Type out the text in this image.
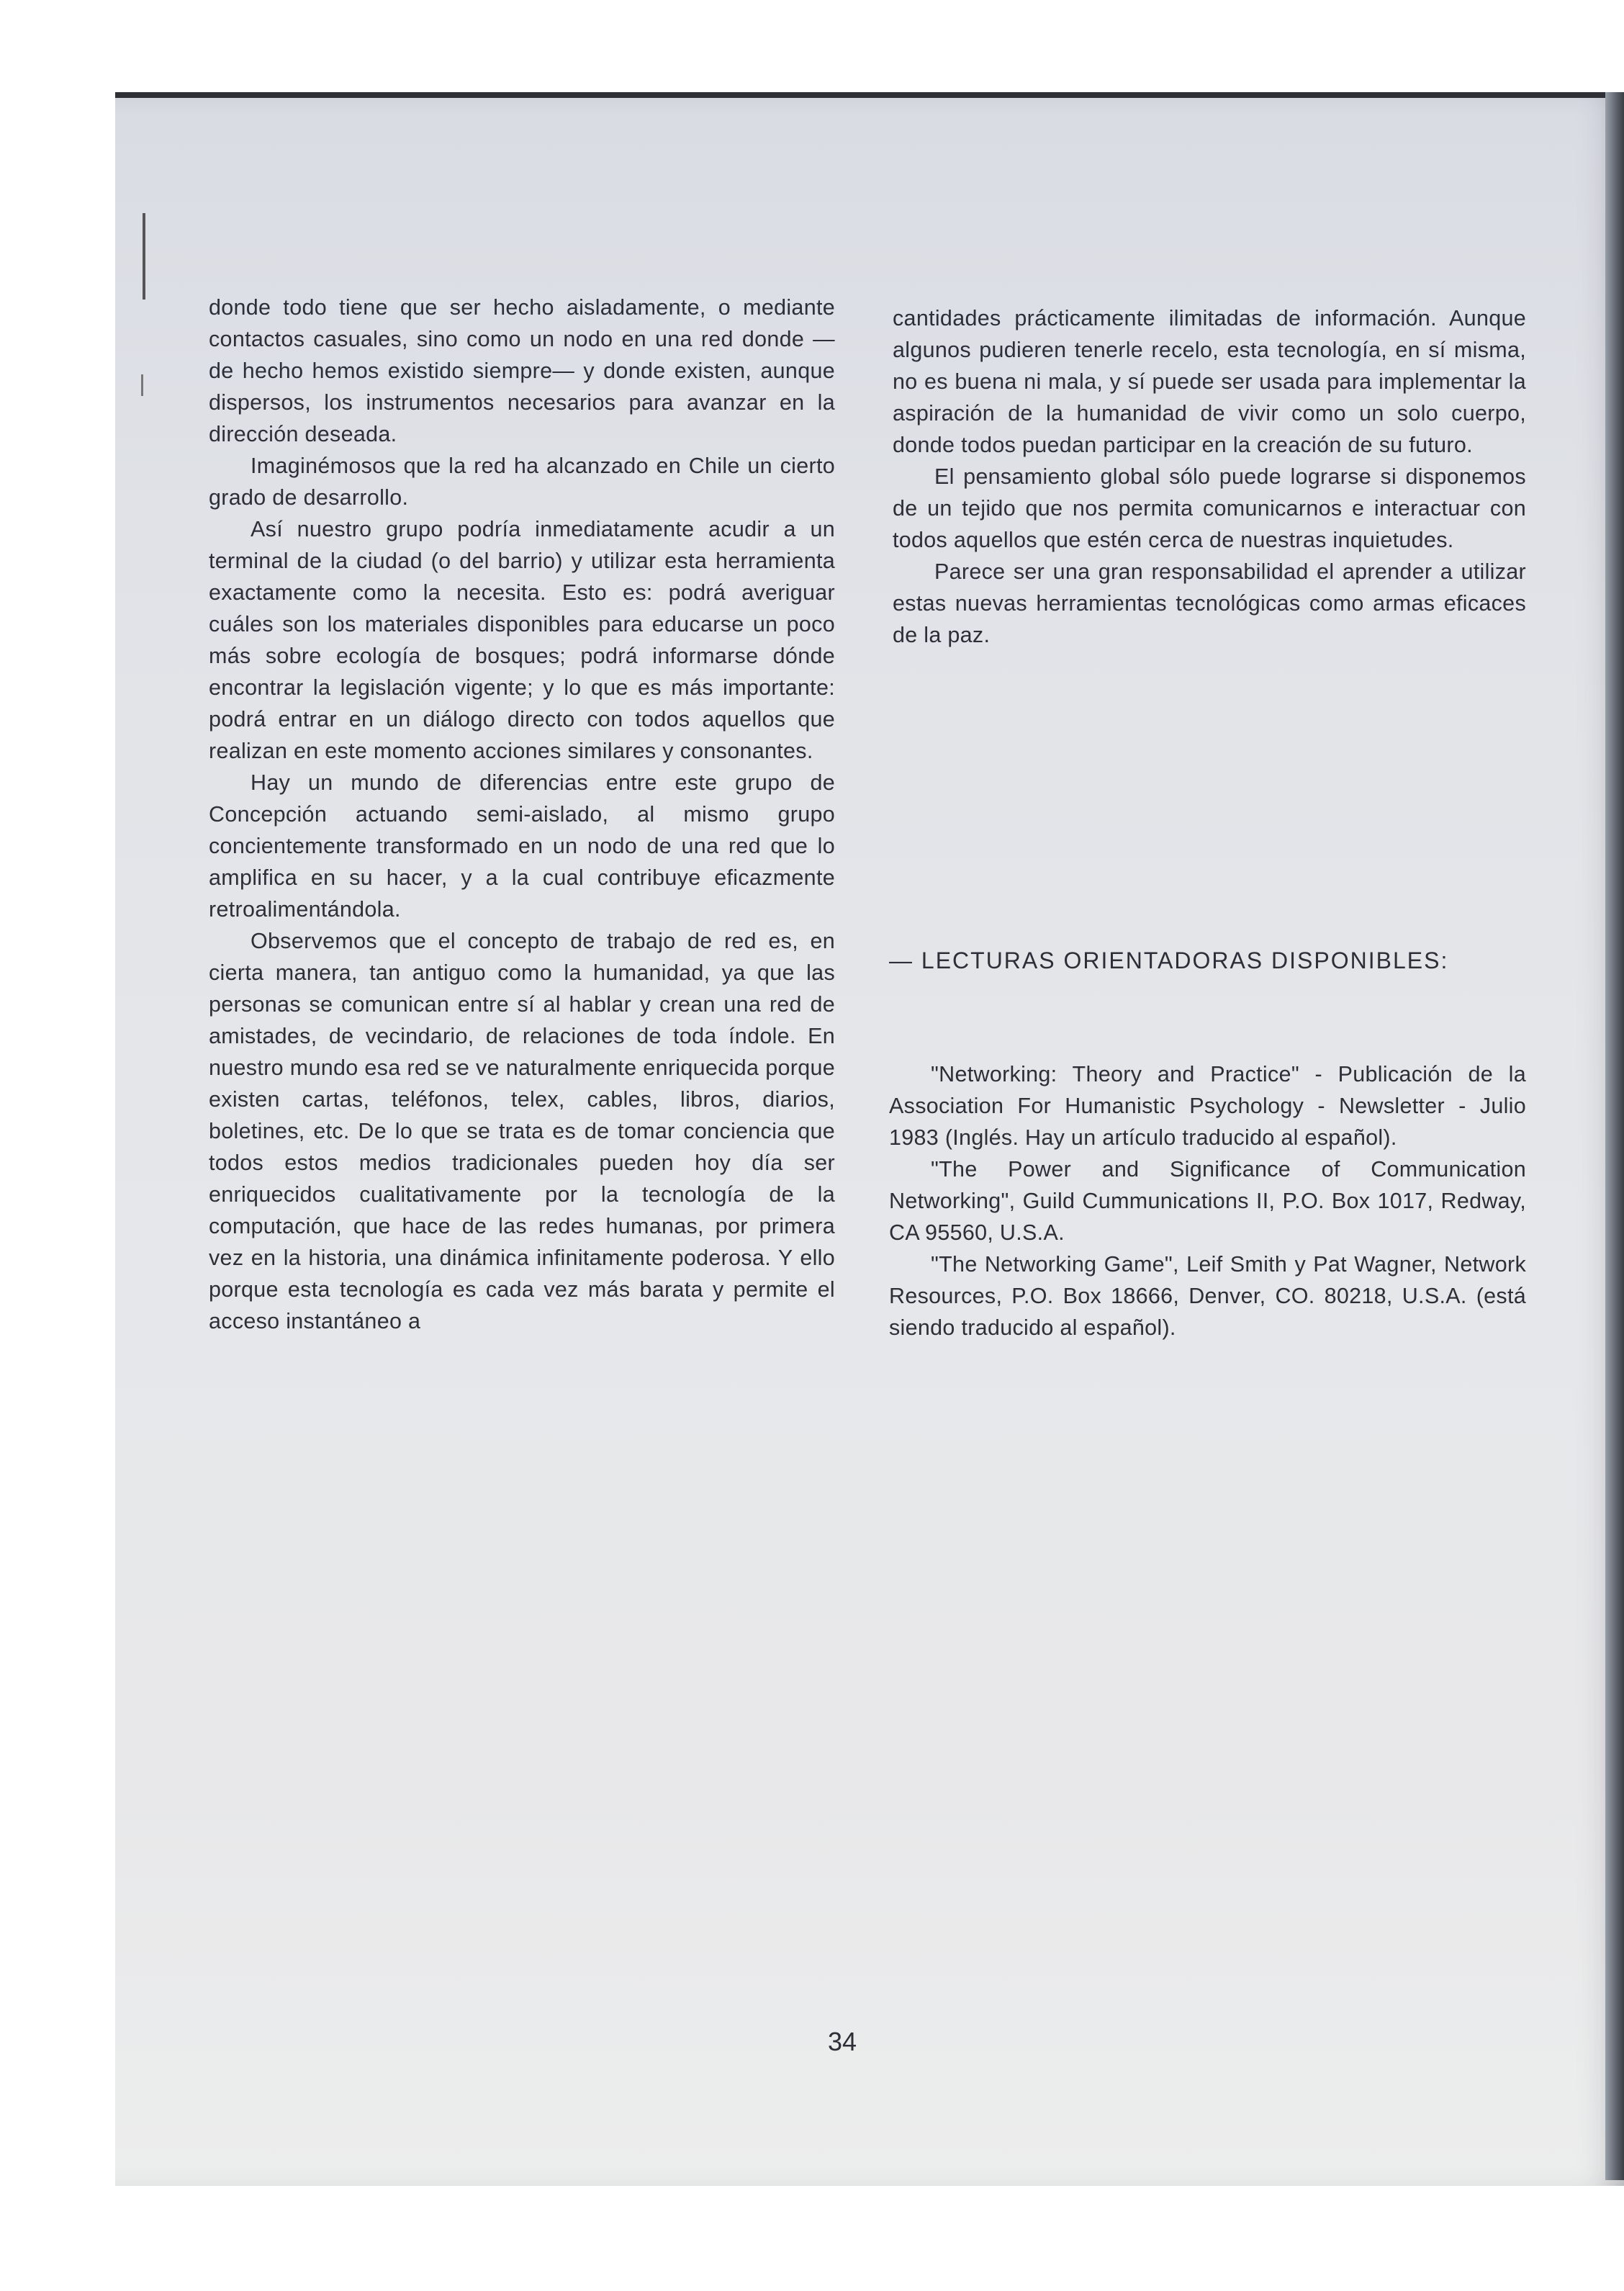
donde todo tiene que ser hecho aisladamente, o mediante contactos casuales, sino como un nodo en una red donde —de hecho hemos existido siempre— y donde existen, aunque dispersos, los instrumentos necesarios para avanzar en la dirección deseada.

Imaginémosos que la red ha alcanzado en Chile un cierto grado de desarrollo.

Así nuestro grupo podría inmediatamente acudir a un terminal de la ciudad (o del barrio) y utilizar esta herramienta exactamente como la necesita. Esto es: podrá averiguar cuáles son los materiales disponibles para educarse un poco más sobre ecología de bosques; podrá informarse dónde encontrar la legislación vigente; y lo que es más importante: podrá entrar en un diálogo directo con todos aquellos que realizan en este momento acciones similares y consonantes.

Hay un mundo de diferencias entre este grupo de Concepción actuando semi-aislado, al mismo grupo concientemente transformado en un nodo de una red que lo amplifica en su hacer, y a la cual contribuye eficazmente retroalimentándola.

Observemos que el concepto de trabajo de red es, en cierta manera, tan antiguo como la humanidad, ya que las personas se comunican entre sí al hablar y crean una red de amistades, de vecindario, de relaciones de toda índole. En nuestro mundo esa red se ve naturalmente enriquecida porque existen cartas, teléfonos, telex, cables, libros, diarios, boletines, etc. De lo que se trata es de tomar conciencia que todos estos medios tradicionales pueden hoy día ser enriquecidos cualitativamente por la tecnología de la computación, que hace de las redes humanas, por primera vez en la historia, una dinámica infinitamente poderosa. Y ello porque esta tecnología es cada vez más barata y permite el acceso instantáneo a

cantidades prácticamente ilimitadas de información. Aunque algunos pudieren tenerle recelo, esta tecnología, en sí misma, no es buena ni mala, y sí puede ser usada para implementar la aspiración de la humanidad de vivir como un solo cuerpo, donde todos puedan participar en la creación de su futuro.

El pensamiento global sólo puede lograrse si disponemos de un tejido que nos permita comunicarnos e interactuar con todos aquellos que estén cerca de nuestras inquietudes.

Parece ser una gran responsabilidad el aprender a utilizar estas nuevas herramientas tecnológicas como armas eficaces de la paz.

— LECTURAS ORIENTADORAS DISPONIBLES:

"Networking: Theory and Practice" - Publicación de la Association For Humanistic Psychology - Newsletter - Julio 1983 (Inglés. Hay un artículo traducido al español).

"The Power and Significance of Communication Networking", Guild Cummunications II, P.O. Box 1017, Redway, CA 95560, U.S.A.

"The Networking Game", Leif Smith y Pat Wagner, Network Resources, P.O. Box 18666, Denver, CO. 80218, U.S.A. (está siendo traducido al español).

34
